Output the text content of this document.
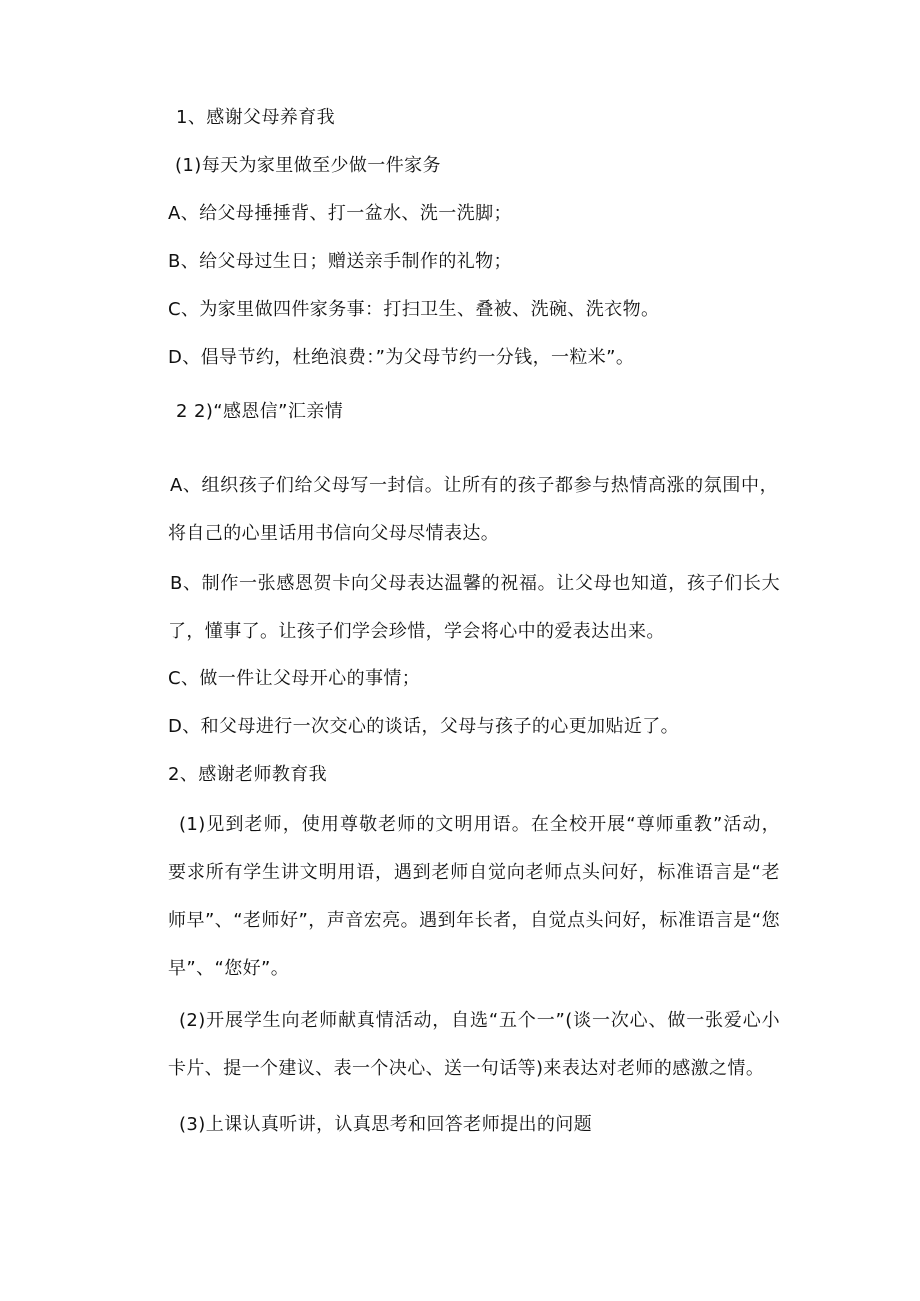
1、感谢父母养育我
(1)每天为家里做至少做一件家务
A、给父母捶捶背、打一盆水、洗一洗脚；
B、给父母过生日；赠送亲手制作的礼物；
C、为家里做四件家务事：打扫卫生、叠被、洗碗、洗衣物。
D、倡导节约，杜绝浪费：”为父母节约一分钱，一粒米”。
2 2)“感恩信”汇亲情
A、组织孩子们给父母写一封信。让所有的孩子都参与热情高涨的氛围中，
将自己的心里话用书信向父母尽情表达。
B、制作一张感恩贺卡向父母表达温馨的祝福。让父母也知道，孩子们长大
了，懂事了。让孩子们学会珍惜，学会将心中的爱表达出来。
C、做一件让父母开心的事情；
D、和父母进行一次交心的谈话，父母与孩子的心更加贴近了。
2、感谢老师教育我
(1)见到老师，使用尊敬老师的文明用语。在全校开展“尊师重教”活动，
要求所有学生讲文明用语，遇到老师自觉向老师点头问好，标准语言是“老
师早”、“老师好”，声音宏亮。遇到年长者，自觉点头问好，标准语言是“您
早”、“您好”。
(2)开展学生向老师献真情活动，自选“五个一”(谈一次心、做一张爱心小
卡片、提一个建议、表一个决心、送一句话等)来表达对老师的感激之情。
(3)上课认真听讲，认真思考和回答老师提出的问题
